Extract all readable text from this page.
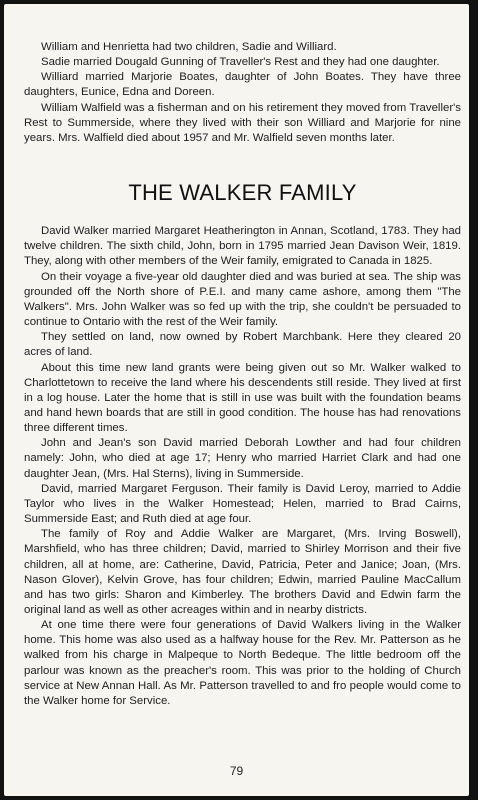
William and Henrietta had two children, Sadie and Williard.

Sadie married Dougald Gunning of Traveller's Rest and they had one daughter.

Williard married Marjorie Boates, daughter of John Boates. They have three daughters, Eunice, Edna and Doreen.

William Walfield was a fisherman and on his retirement they moved from Traveller's Rest to Summerside, where they lived with their son Williard and Marjorie for nine years. Mrs. Walfield died about 1957 and Mr. Walfield seven months later.

THE WALKER FAMILY

David Walker married Margaret Heatherington in Annan, Scotland, 1783. They had twelve children. The sixth child, John, born in 1795 married Jean Davison Weir, 1819. They, along with other members of the Weir family, emigrated to Canada in 1825.

On their voyage a five-year old daughter died and was buried at sea. The ship was grounded off the North shore of P.E.I. and many came ashore, among them "The Walkers". Mrs. John Walker was so fed up with the trip, she couldn't be persuaded to continue to Ontario with the rest of the Weir family.

They settled on land, now owned by Robert Marchbank. Here they cleared 20 acres of land.

About this time new land grants were being given out so Mr. Walker walked to Charlottetown to receive the land where his descendents still reside. They lived at first in a log house. Later the home that is still in use was built with the foundation beams and hand hewn boards that are still in good condition. The house has had renovations three different times.

John and Jean's son David married Deborah Lowther and had four children namely: John, who died at age 17; Henry who married Harriet Clark and had one daughter Jean, (Mrs. Hal Sterns), living in Summerside.

David, married Margaret Ferguson. Their family is David Leroy, married to Addie Taylor who lives in the Walker Homestead; Helen, married to Brad Cairns, Summerside East; and Ruth died at age four.

The family of Roy and Addie Walker are Margaret, (Mrs. Irving Boswell), Marshfield, who has three children; David, married to Shirley Morrison and their five children, all at home, are: Catherine, David, Patricia, Peter and Janice; Joan, (Mrs. Nason Glover), Kelvin Grove, has four children; Edwin, married Pauline MacCallum and has two girls: Sharon and Kimberley. The brothers David and Edwin farm the original land as well as other acreages within and in nearby districts.

At one time there were four generations of David Walkers living in the Walker home. This home was also used as a halfway house for the Rev. Mr. Patterson as he walked from his charge in Malpeque to North Bedeque. The little bedroom off the parlour was known as the preacher's room. This was prior to the holding of Church service at New Annan Hall. As Mr. Patterson travelled to and fro people would come to the Walker home for Service.

79
